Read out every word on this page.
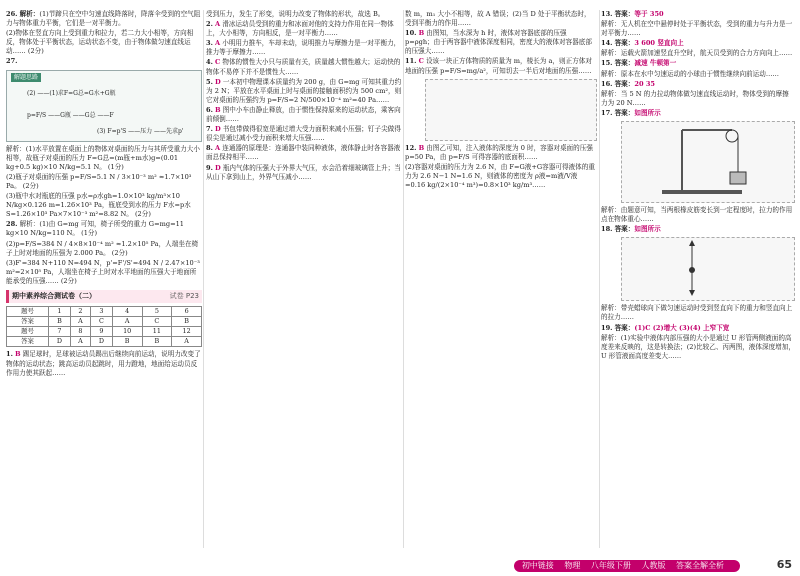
26. 解析：(1)节蹄只在空中匀速直线降落时，降落伞受到的空气阻力与物体重力平衡，它们是一对平衡力。

(2)物体在竖直方向上受到重力和拉力，若二力大小相等，方向相反，物体处于平衡状态，运动状态不变，由于物体做匀速直线运动…… (2分)

27.

解题思路
(2) ——(1)求F=G总=G水+G瓶
p=F/S ——G瓶 ——G总 ——F
(3) F=p'S ——压力 ——先求p'

解析：(1)水平放置在桌面上的物体对桌面的压力与其所受重力大小相等，故瓶子对桌面的压力 F=G总=(m瓶+m水)g=(0.01 kg+0.5 kg)×10 N/kg=5.1 N。 (1分)

(2)瓶子对桌面的压强 p=F/S=5.1 N / 3×10⁻³ m² ≈1.7×10³ Pa。 (2分)

(3)瓶中水对瓶底的压强 p水=ρ水gh=1.0×10³ kg/m³×10 N/kg×0.126 m=1.26×10³ Pa，瓶底受到水的压力 F水=p水S=1.26×10³ Pa×7×10⁻³ m²=8.82 N。 (2分)

28. 解析：(1)由 G=mg 可知，椅子所受的重力 G=mg=11 kg×10 N/kg=110 N。 (1分)

(2)p=F/S=384 N / 4×8×10⁻⁴ m² ≈1.2×10⁵ Pa，人端坐在椅子上时对地面的压强为 2.000 Pa。 (2分)

(3)F'=384 N+110 N=494 N，p'=F'/S'=494 N / 2.47×10⁻³ m²=2×10⁵ Pa，人端坐在椅子上时对水平地面的压强大于地面所能承受的压强…… (2分)

期中素养综合测试卷（二）	试卷 P23
题号	1	2	3	4	5	6
答案	B	A	C	A	C	B
题号	7	8	9	10	11	12
答案	D	A	D	B	B	A

1. B 踢足球时，足球被运动员踢出后继续向前运动，说明力改变了物体的运动状态；跳高运动员起跳时，用力蹬地，地面给运动员反作用力使其跃起……

受到压力，发生了形变，说明力改变了物体的形状，故选 B。

2. A 滑冰运动员受到的重力和冰面对他的支持力作用在同一物体上，大小相等，方向相反，是一对平衡力……

3. A 小明用力推车，车却未动，说明推力与摩擦力是一对平衡力，推力等于摩擦力……

4. C 物体的惯性大小只与质量有关，质量越大惯性越大；运动快的物体不易停下并不是惯性大……

5. D 一本初中物理课本质量约为 200 g，由 G=mg 可知其重力约为 2 N；平放在水平桌面上时与桌面的接触面积约为 500 cm²，则它对桌面的压强约为 p=F/S=2 N/500×10⁻⁴ m²=40 Pa……

6. B 图中小车由静止释放，由于惯性保持原来的运动状态，乘客向前倾倒……

7. D 书包带做得很宽是通过增大受力面积来减小压强；钉子尖做得很尖是通过减小受力面积来增大压强……

8. A 连通器的原理是：连通器中装同种液体，液体静止时各容器液面总保持相平……

9. D 瓶内气体的压强大于外界大气压，水会沿着细玻璃管上升；当从山下拿到山上，外界气压减小……

数 m，m₁ 大小不相等，故 A 错误；(2)当 D 处于平衡状态时，受到平衡力的作用……

10. B 由图知，当水深为 h 时，液体对容器底部的压强 p=ρgh；由于两容器中液体深度相同，密度大的液体对容器底部的压强大……

11. C 设该一块正方体物质的质量为 m，棱长为 a，则正方体对地面的压强 p=F/S=mg/a²，可知切去一半后对地面的压强……

12. B 由图乙可知，注入液体的深度为 0 时，容器对桌面的压强 p=50 Pa，由 p=F/S 可得容器的底面积……

(2)容器对桌面的压力为 2.6 N，由 F=G液+G容器可得液体的重力为 2.6 N−1 N=1.6 N，则液体的密度为 ρ液=m液/V液=0.16 kg/(2×10⁻⁴ m³)=0.8×10³ kg/m³……

13. 答案：等于 350

解析：无人机在空中悬停时处于平衡状态，受到的重力与升力是一对平衡力……

14. 答案：3 600 竖直向上

解析：运载火箭加速竖直升空时，航天员受到的合力方向向上……

15. 答案：减速 牛顿第一

解析：原本在水中匀速运动的小球由于惯性继续向前运动……

16. 答案：20 35

解析：当 5 N 的力拉动物体做匀速直线运动时，物体受到的摩擦力为 20 N……

17. 答案：如图所示

解析：由题意可知，当两根橡皮筋变长到一定程度时，拉力的作用点在物体重心……

18. 答案：如图所示

解析：带壳蜡球向下做匀速运动时受到竖直向下的重力和竖直向上的拉力……

19. 答案：(1)C (2)增大 (3)(4) 上窄下宽

解析：(1)实验中液体内部压强的大小是通过 U 形管两侧液面的高度差来反映的，这是转换法；(2)比较乙、丙两图，液体深度增加，U 形管液面高度差变大……

初中链接 物理 八年级下册 人教版 答案全解全析	65
